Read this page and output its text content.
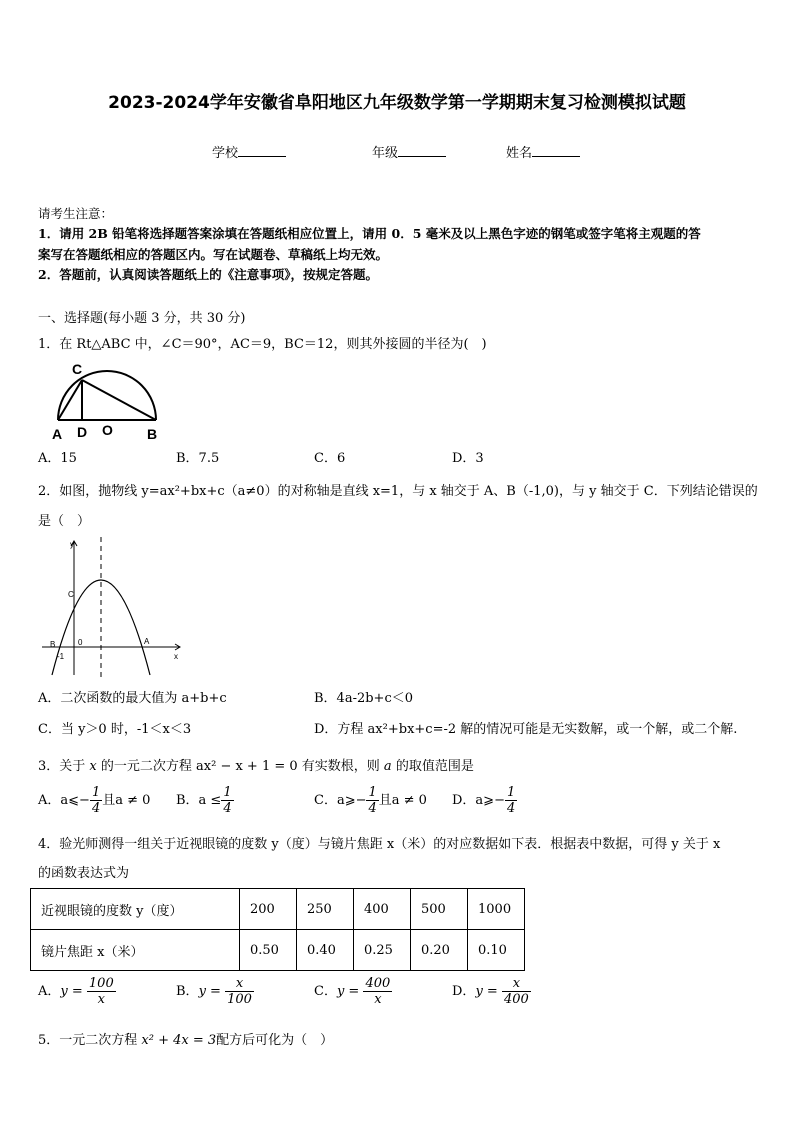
2023-2024学年安徽省阜阳地区九年级数学第一学期期末复习检测模拟试题
学校	年级	姓名
请考生注意：
1．请用 2B 铅笔将选择题答案涂填在答题纸相应位置上，请用 0．5 毫米及以上黑色字迹的钢笔或签字笔将主观题的答
案写在答题纸相应的答题区内。写在试题卷、草稿纸上均无效。
2．答题前，认真阅读答题纸上的《注意事项》，按规定答题。
一、选择题(每小题 3 分，共 30 分)
1．在 Rt△ABC 中，∠C＝90°，AC＝9，BC＝12，则其外接圆的半径为(　)
C
A D O B
A．15	B．7.5	C．6	D．3
2．如图，抛物线 y=ax²+bx+c（a≠0）的对称轴是直线 x=1，与 x 轴交于 A、B（-1,0)，与 y 轴交于 C．下列结论错误的
是（　）
y
x
C
B	A
0
-1
A．二次函数的最大值为 a+b+c	B．4a-2b+c＜0
C．当 y＞0 时，-1＜x＜3	D．方程 ax²+bx+c=-2 解的情况可能是无实数解，或一个解，或二个解.
3．关于 x 的一元二次方程 ax² − x + 1 = 0 有实数根，则 a 的取值范围是
A．a⩽− $\frac{1}{4}$ 且a ≠ 0 B．$a \le \frac{1}{4}$	C．a⩾− $\frac{1}{4}$ 且a ≠ 0 D．a⩾− $\frac{1}{4}$
4．验光师测得一组关于近视眼镜的度数 y（度）与镜片焦距 x（米）的对应数据如下表．根据表中数据，可得 y 关于 x
的函数表达式为
近视眼镜的度数 y（度）	200	250	400	500	1000
镜片焦距 x（米）	0.50	0.40	0.25	0.20	0.10
A．$y = \frac{100}{x}$	B．$y = \frac{x}{100}$	C．$y = \frac{400}{x}$	D．$y = \frac{x}{400}$
5．一元二次方程 x² + 4x = 3配方后可化为（　）
